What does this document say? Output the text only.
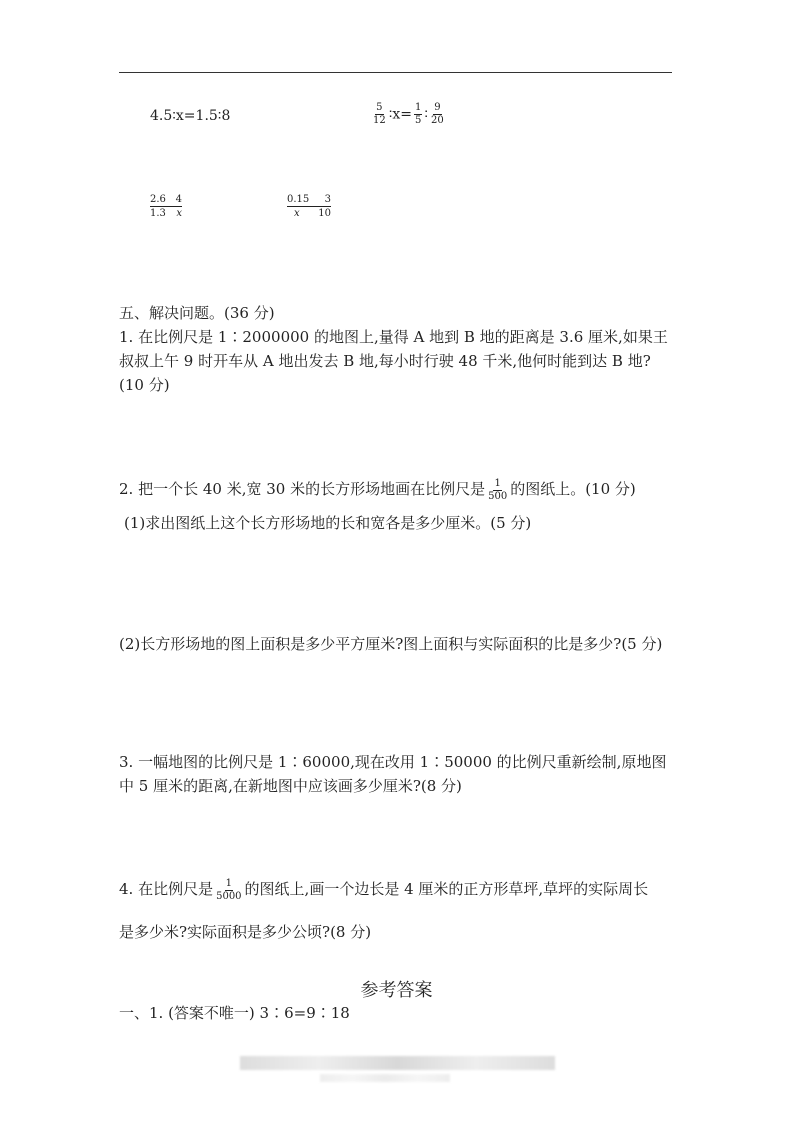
4.5∶x=1.5∶8	$\frac{5}{12}$ ∶x= $\frac{1}{5}$ ∶ $\frac{9}{20}$
$\frac{2.6 4}{1.3 x}$	$\frac{0.15 3}{x 10}$
五、解决问题。(36 分)
1. 在比例尺是 1∶2000000 的地图上,量得 A 地到 B 地的距离是 3.6 厘米,如果王叔叔上午 9 时开车从 A 地出发去 B 地,每小时行驶 48 千米,他何时能到达 B 地?(10 分)
2. 把一个长 40 米,宽 30 米的长方形场地画在比例尺是 $\frac{1}{500}$ 的图纸上。(10 分)
(1)求出图纸上这个长方形场地的长和宽各是多少厘米。(5 分)
(2)长方形场地的图上面积是多少平方厘米?图上面积与实际面积的比是多少?(5 分)
3. 一幅地图的比例尺是 1∶60000,现在改用 1∶50000 的比例尺重新绘制,原地图中 5 厘米的距离,在新地图中应该画多少厘米?(8 分)
4. 在比例尺是 $\frac{1}{5000}$ 的图纸上,画一个边长是 4 厘米的正方形草坪,草坪的实际周长
是多少米?实际面积是多少公顷?(8 分)
参考答案
一、1. (答案不唯一) 3∶6=9∶18
